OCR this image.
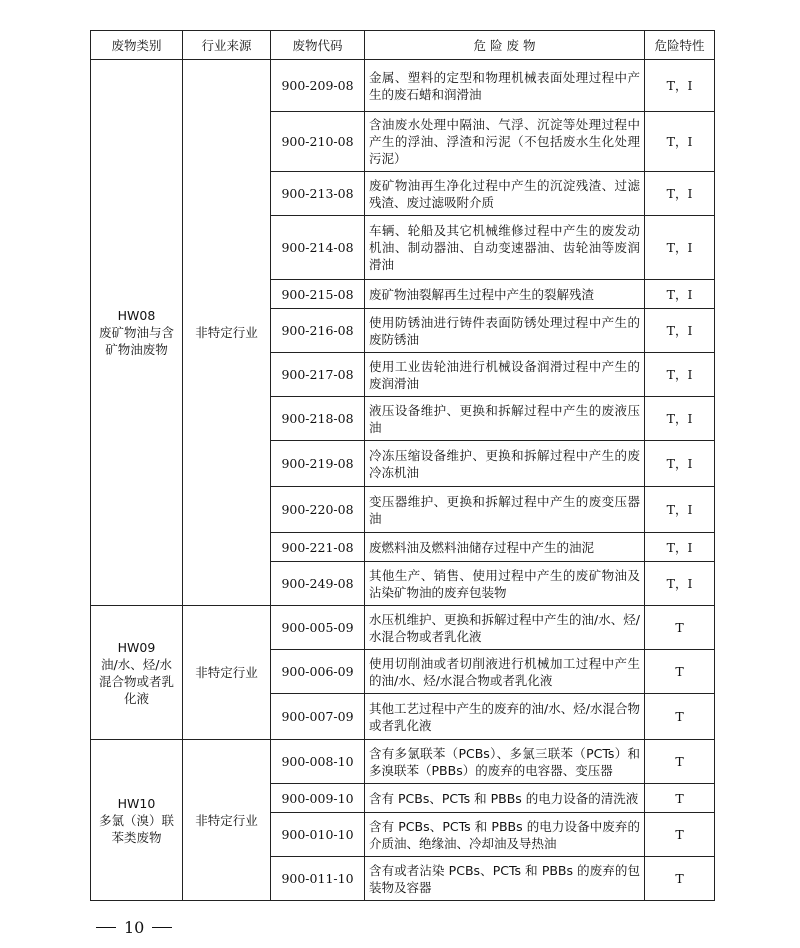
废物类别	行业来源	废物代码	危 险 废 物	危险特性

HW08
废矿物油与含矿物油废物	非特定行业	900-209-08	金属、塑料的定型和物理机械表面处理过程中产生的废石蜡和润滑油	T，I
		900-210-08	含油废水处理中隔油、气浮、沉淀等处理过程中产生的浮油、浮渣和污泥（不包括废水生化处理污泥）	T，I
		900-213-08	废矿物油再生净化过程中产生的沉淀残渣、过滤残渣、废过滤吸附介质	T，I
		900-214-08	车辆、轮船及其它机械维修过程中产生的废发动机油、制动器油、自动变速器油、齿轮油等废润滑油	T，I
		900-215-08	废矿物油裂解再生过程中产生的裂解残渣	T，I
		900-216-08	使用防锈油进行铸件表面防锈处理过程中产生的废防锈油	T，I
		900-217-08	使用工业齿轮油进行机械设备润滑过程中产生的废润滑油	T，I
		900-218-08	液压设备维护、更换和拆解过程中产生的废液压油	T，I
		900-219-08	冷冻压缩设备维护、更换和拆解过程中产生的废冷冻机油	T，I
		900-220-08	变压器维护、更换和拆解过程中产生的废变压器油	T，I
		900-221-08	废燃料油及燃料油储存过程中产生的油泥	T，I
		900-249-08	其他生产、销售、使用过程中产生的废矿物油及沾染矿物油的废弃包装物	T，I

HW09
油/水、烃/水混合物或者乳化液	非特定行业	900-005-09	水压机维护、更换和拆解过程中产生的油/水、烃/水混合物或者乳化液	T
		900-006-09	使用切削油或者切削液进行机械加工过程中产生的油/水、烃/水混合物或者乳化液	T
		900-007-09	其他工艺过程中产生的废弃的油/水、烃/水混合物或者乳化液	T

HW10
多氯（溴）联苯类废物	非特定行业	900-008-10	含有多氯联苯（PCBs）、多氯三联苯（PCTs）和多溴联苯（PBBs）的废弃的电容器、变压器	T
		900-009-10	含有 PCBs、PCTs 和 PBBs 的电力设备的清洗液	T
		900-010-10	含有 PCBs、PCTs 和 PBBs 的电力设备中废弃的介质油、绝缘油、冷却油及导热油	T
		900-011-10	含有或者沾染 PCBs、PCTs 和 PBBs 的废弃的包装物及容器	T
10
